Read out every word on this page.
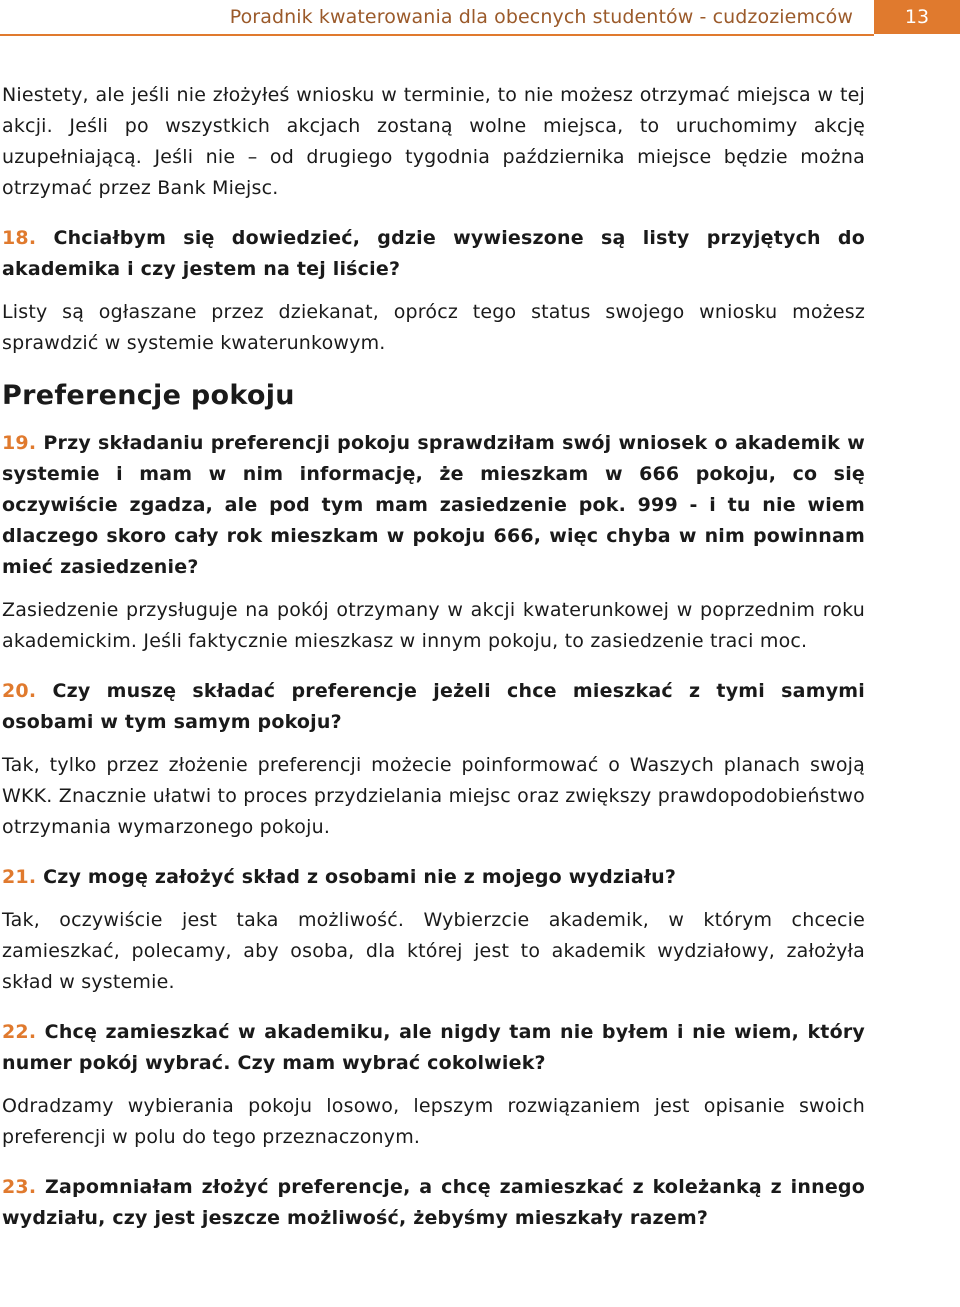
Poradnik kwaterowania dla obecnych studentów - cudzoziemców	13

Niestety, ale jeśli nie złożyłeś wniosku w terminie, to nie możesz otrzymać miejsca w tej akcji. Jeśli po wszystkich akcjach zostaną wolne miejsca, to uruchomimy akcję uzupełniającą. Jeśli nie – od drugiego tygodnia października miejsce będzie można otrzymać przez Bank Miejsc.

18. Chciałbym się dowiedzieć, gdzie wywieszone są listy przyjętych do akademika i czy jestem na tej liście?

Listy są ogłaszane przez dziekanat, oprócz tego status swojego wniosku możesz sprawdzić w systemie kwaterunkowym.

Preferencje pokoju

19. Przy składaniu preferencji pokoju sprawdziłam swój wniosek o akademik w systemie i mam w nim informację, że mieszkam w 666 pokoju, co się oczywiście zgadza, ale pod tym mam zasiedzenie pok. 999 - i tu nie wiem dlaczego skoro cały rok mieszkam w pokoju 666, więc chyba w nim powinnam mieć zasiedzenie?

Zasiedzenie przysługuje na pokój otrzymany w akcji kwaterunkowej w poprzednim roku akademickim. Jeśli faktycznie mieszkasz w innym pokoju, to zasiedzenie traci moc.

20. Czy muszę składać preferencje jeżeli chce mieszkać z tymi samymi osobami w tym samym pokoju?

Tak, tylko przez złożenie preferencji możecie poinformować o Waszych planach swoją WKK. Znacznie ułatwi to proces przydzielania miejsc oraz zwiększy prawdopodobieństwo otrzymania wymarzonego pokoju.

21. Czy mogę założyć skład z osobami nie z mojego wydziału?

Tak, oczywiście jest taka możliwość. Wybierzcie akademik, w którym chcecie zamieszkać, polecamy, aby osoba, dla której jest to akademik wydziałowy, założyła skład w systemie.

22. Chcę zamieszkać w akademiku, ale nigdy tam nie byłem i nie wiem, który numer pokój wybrać. Czy mam wybrać cokolwiek?

Odradzamy wybierania pokoju losowo, lepszym rozwiązaniem jest opisanie swoich preferencji w polu do tego przeznaczonym.

23. Zapomniałam złożyć preferencje, a chcę zamieszkać z koleżanką z innego wydziału, czy jest jeszcze możliwość, żebyśmy mieszkały razem?
